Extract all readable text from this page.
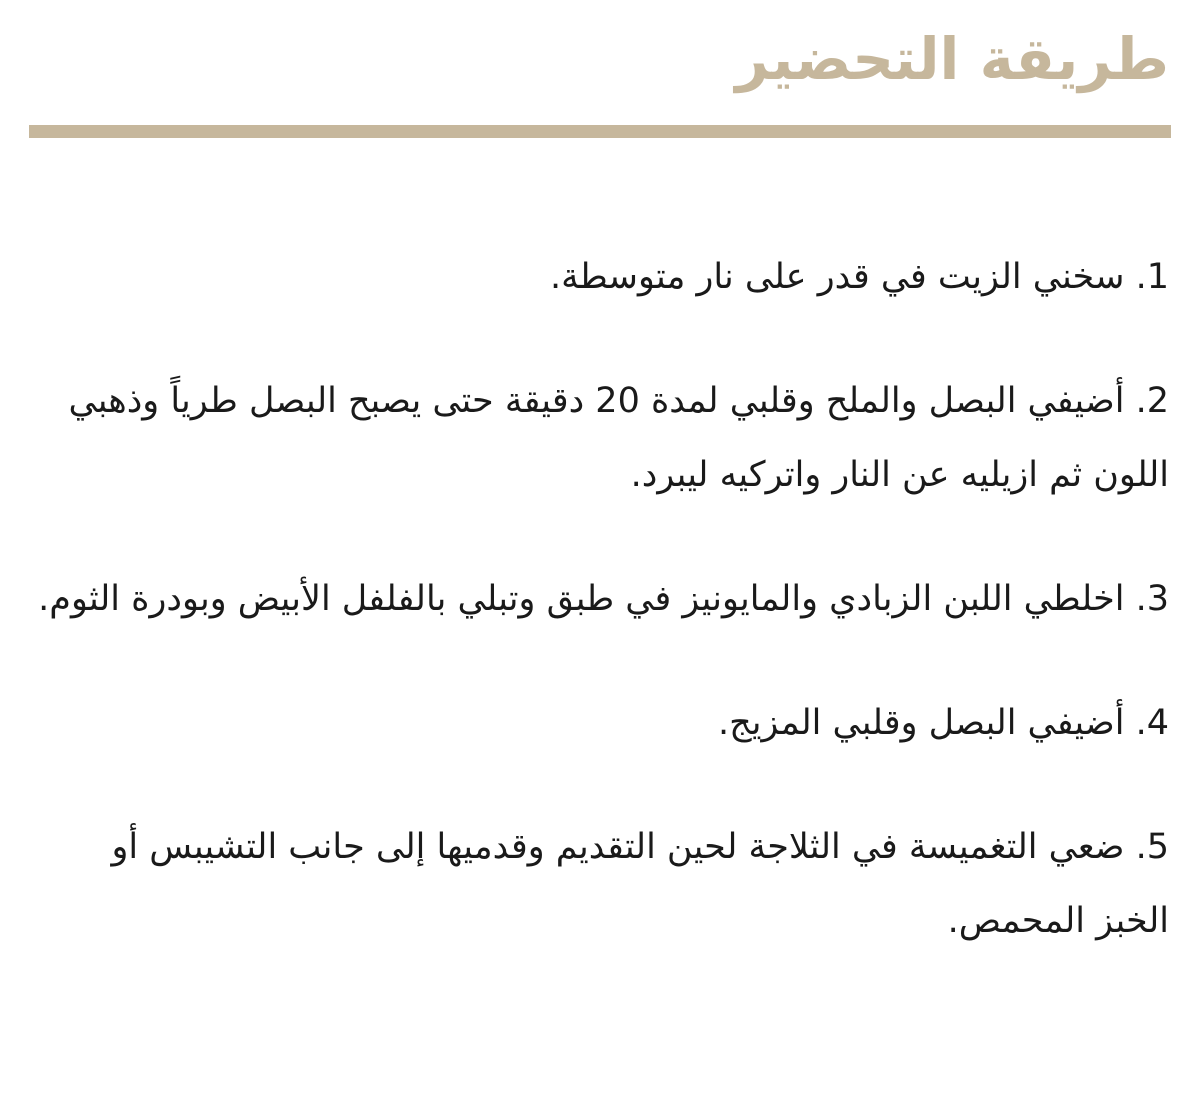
طريقة التحضير
1. سخني الزيت في قدر على نار متوسطة.
2. أضيفي البصل والملح وقلبي لمدة 20 دقيقة حتى يصبح البصل طرياً وذهبي اللون ثم ازيليه عن النار واتركيه ليبرد.
3. اخلطي اللبن الزبادي والمايونيز في طبق وتبلي بالفلفل الأبيض وبودرة الثوم.
4. أضيفي البصل وقلبي المزيج.
5. ضعي التغميسة في الثلاجة لحين التقديم وقدميها إلى جانب التشيبس أو الخبز المحمص.
